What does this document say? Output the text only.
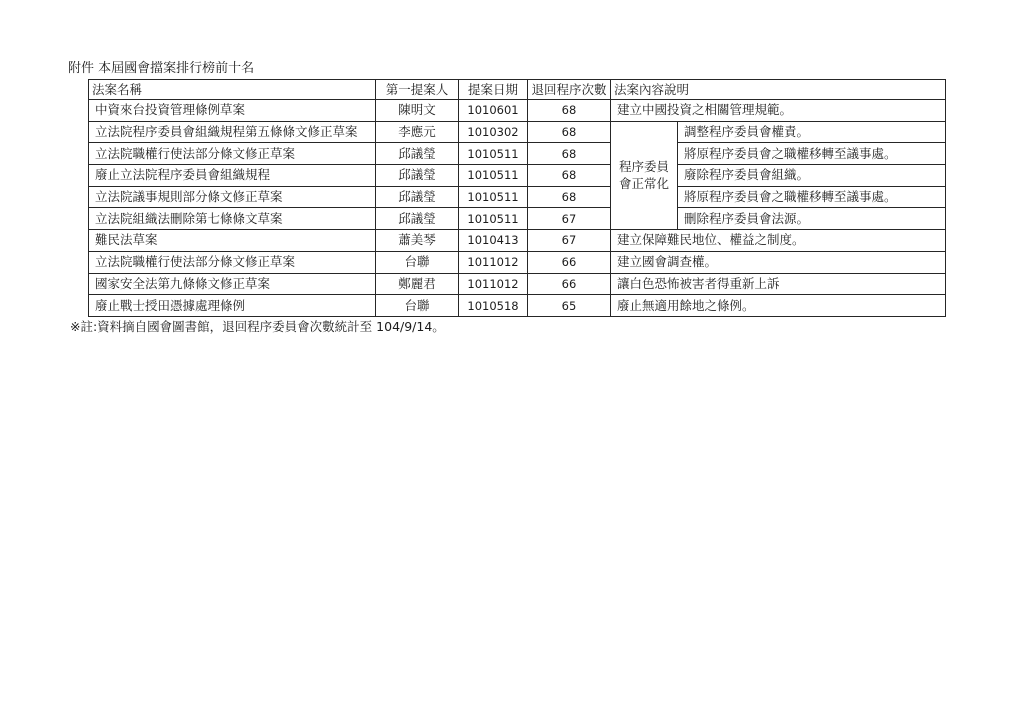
附件 本屆國會擋案排行榜前十名
法案名稱	第一提案人	提案日期	退回程序次數	法案內容說明	
中資來台投資管理條例草案	陳明文	1010601	68	建立中國投資之相關管理規範。	
立法院程序委員會組織規程第五條條文修正草案	李應元	1010302	68	程序委員會正常化	調整程序委員會權責。
立法院職權行使法部分條文修正草案	邱議瑩	1010511	68		將原程序委員會之職權移轉至議事處。
廢止立法院程序委員會組織規程	邱議瑩	1010511	68		廢除程序委員會組織。
立法院議事規則部分條文修正草案	邱議瑩	1010511	68		將原程序委員會之職權移轉至議事處。
立法院組織法刪除第七條條文草案	邱議瑩	1010511	67		刪除程序委員會法源。
難民法草案	蕭美琴	1010413	67	建立保障難民地位、權益之制度。	
立法院職權行使法部分條文修正草案	台聯	1011012	66	建立國會調查權。	
國家安全法第九條條文修正草案	鄭麗君	1011012	66	讓白色恐怖被害者得重新上訴	
廢止戰士授田憑據處理條例	台聯	1010518	65	廢止無適用餘地之條例。	
※註:資料摘自國會圖書館，退回程序委員會次數統計至 104/9/14。
